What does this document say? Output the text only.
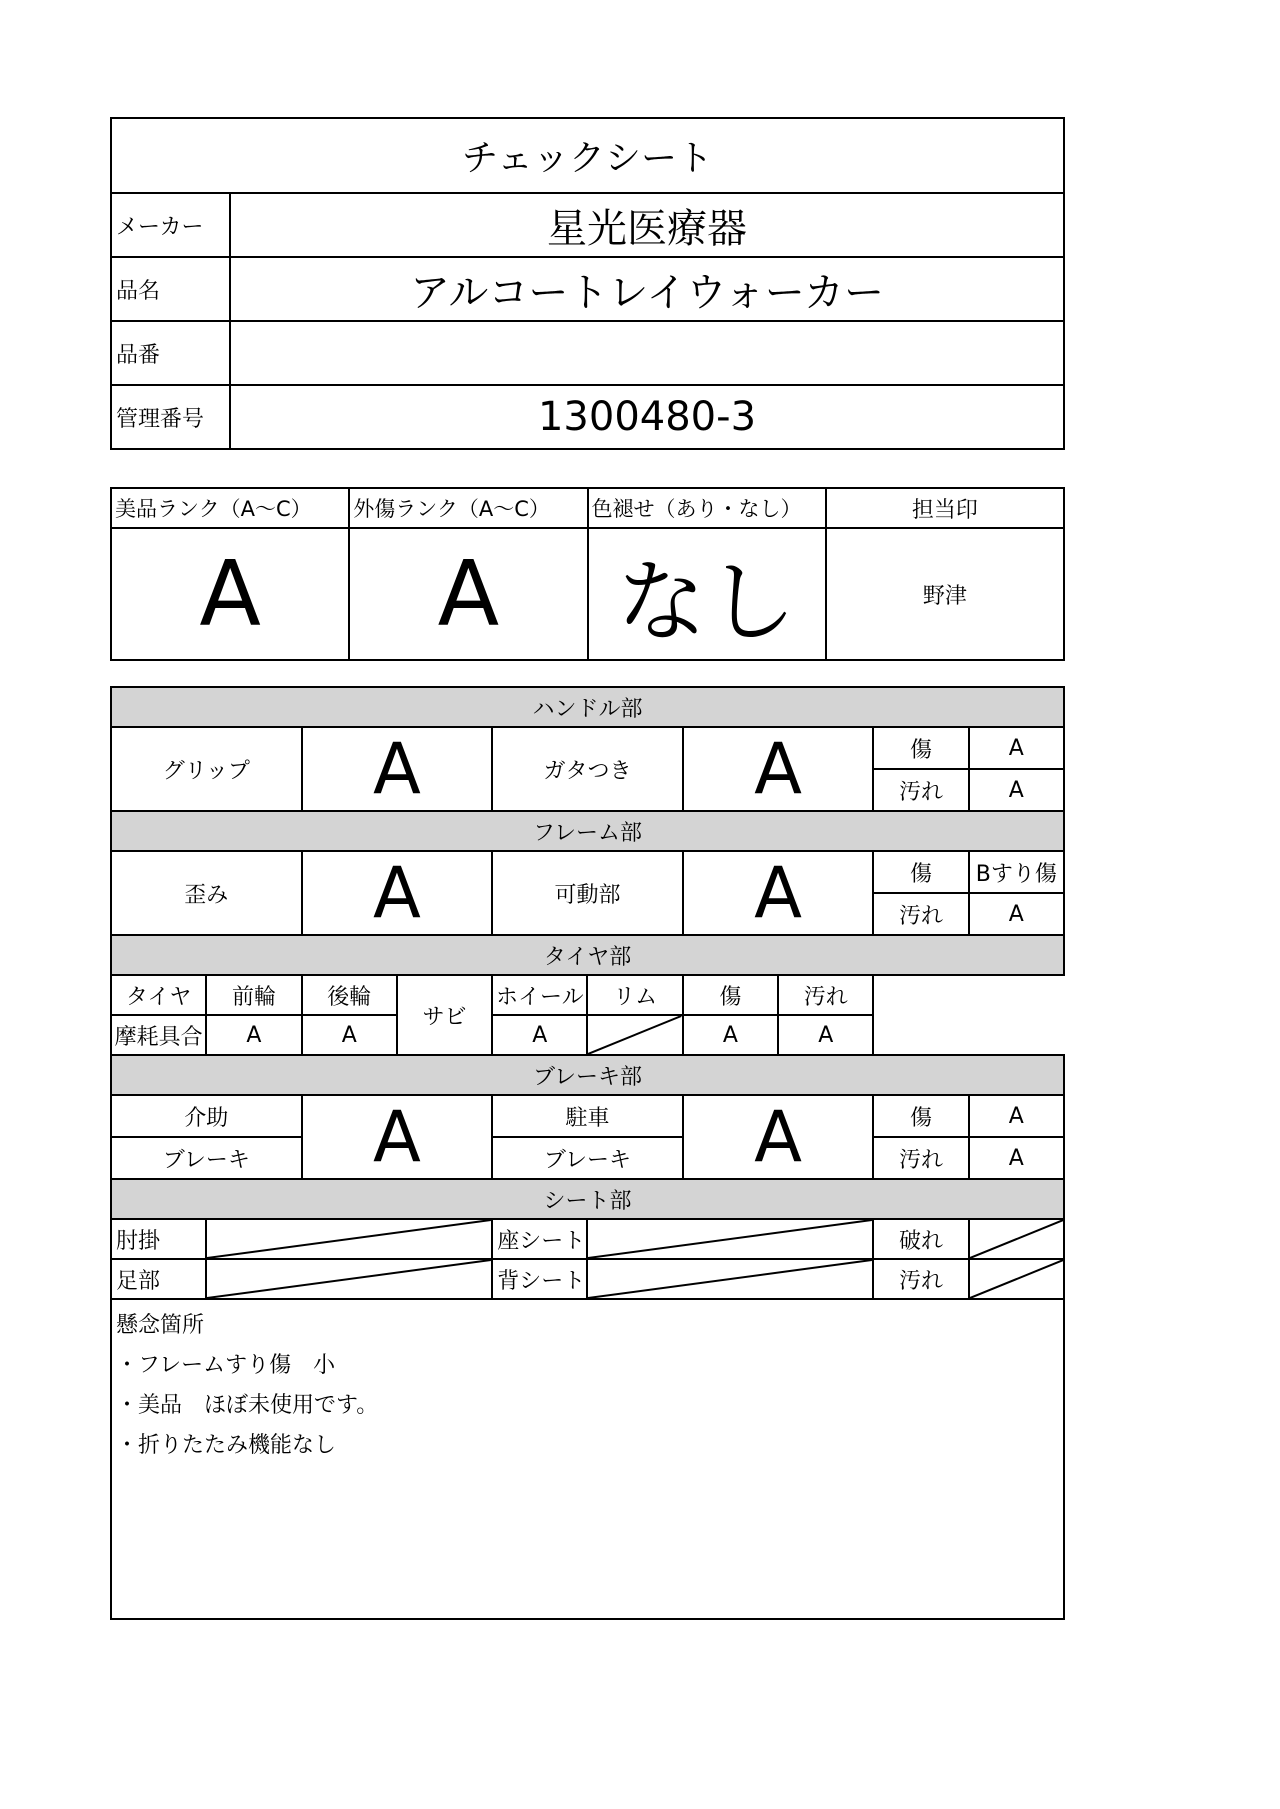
チェックシート	
メーカー	星光医療器
品名	アルコートレイウォーカー
品番	
管理番号	1300480-3
美品ランク（A～C）	外傷ランク（A～C）	色褪せ（あり・なし）	担当印
A	A	なし	野津
ハンドル部									
グリップ		A		ガタつき		A		傷	A
								汚れ	A
フレーム部									
歪み		A		可動部		A		傷	Bすり傷
								汚れ	A
タイヤ部									
タイヤ	前輪	後輪	サビ	ホイール	リム	傷	汚れ		
摩耗具合	A	A		A		A	A		
ブレーキ部									
介助		A		駐車		A		傷	A
ブレーキ				ブレーキ				汚れ	A
シート部									
肘掛				座シート				破れ	

足部				背シート				汚れ	
懸念箇所
・フレームすり傷　小
・美品　ほぼ未使用です。
・折りたたみ機能なし
